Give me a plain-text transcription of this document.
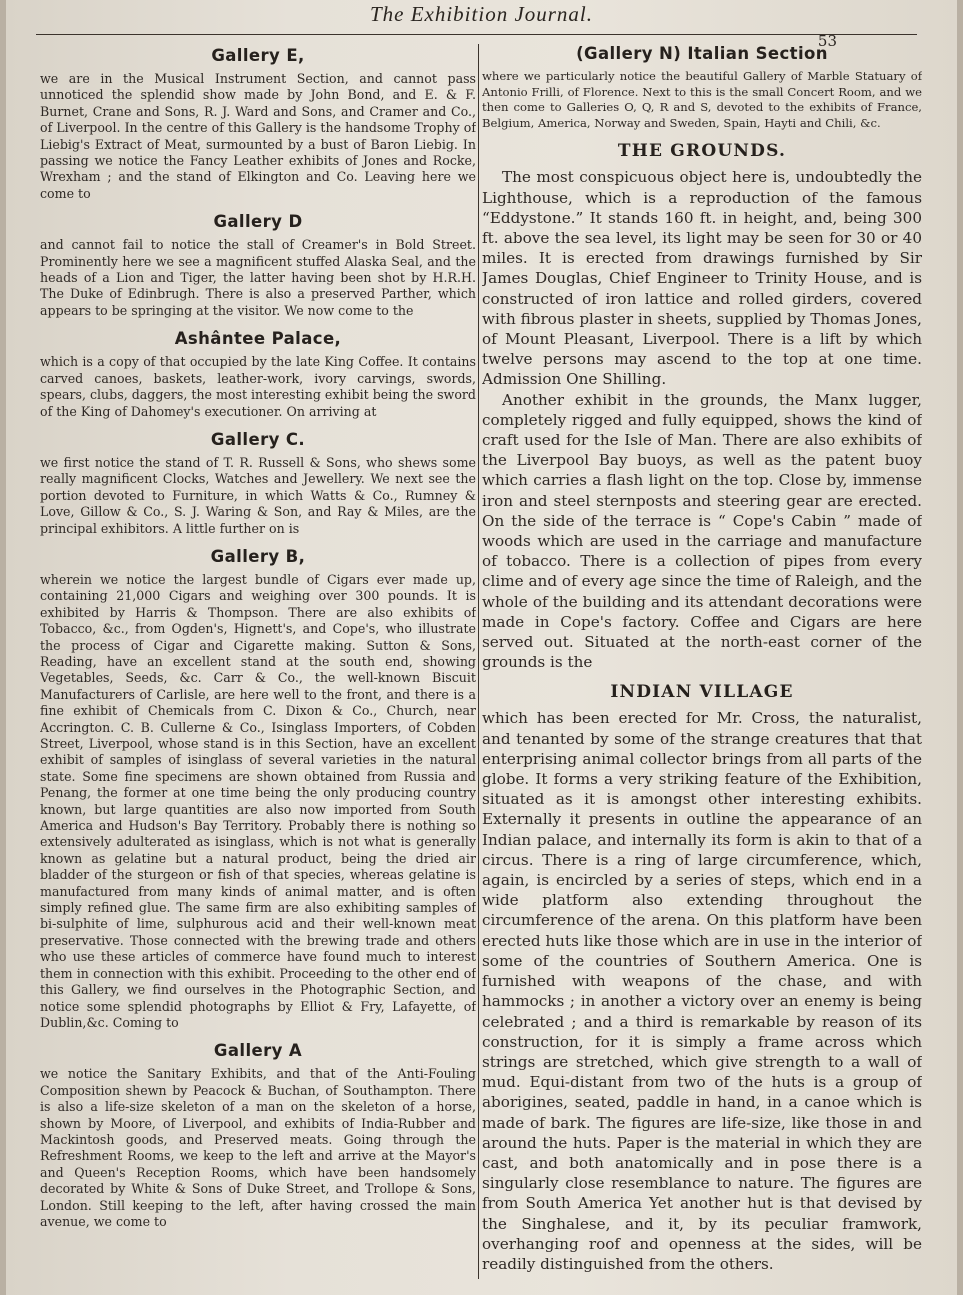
The Exhibition Journal.
53
Gallery E,

we are in the Musical Instrument Section, and cannot pass unnoticed the splendid show made by John Bond, and E. & F. Burnet, Crane and Sons, R. J. Ward and Sons, and Cramer and Co., of Liverpool. In the centre of this Gallery is the handsome Trophy of Liebig's Extract of Meat, surmounted by a bust of Baron Liebig. In passing we notice the Fancy Leather exhibits of Jones and Rocke, Wrexham ; and the stand of Elkington and Co. Leaving here we come to

Gallery D

and cannot fail to notice the stall of Creamer's in Bold Street. Prominently here we see a magnificent stuffed Alaska Seal, and the heads of a Lion and Tiger, the latter having been shot by H.R.H. The Duke of Edinbrugh. There is also a preserved Parther, which appears to be springing at the visitor. We now come to the

Ashântee Palace,

which is a copy of that occupied by the late King Coffee. It contains carved canoes, baskets, leather-work, ivory carvings, swords, spears, clubs, daggers, the most interesting exhibit being the sword of the King of Dahomey's executioner. On arriving at

Gallery C.

we first notice the stand of T. R. Russell & Sons, who shews some really magnificent Clocks, Watches and Jewellery. We next see the portion devoted to Furniture, in which Watts & Co., Rumney & Love, Gillow & Co., S. J. Waring & Son, and Ray & Miles, are the principal exhibitors. A little further on is

Gallery B,

wherein we notice the largest bundle of Cigars ever made up, containing 21,000 Cigars and weighing over 300 pounds. It is exhibited by Harris & Thompson. There are also exhibits of Tobacco, &c., from Ogden's, Hignett's, and Cope's, who illustrate the process of Cigar and Cigarette making. Sutton & Sons, Reading, have an excellent stand at the south end, showing Vegetables, Seeds, &c. Carr & Co., the well-known Biscuit Manufacturers of Carlisle, are here well to the front, and there is a fine exhibit of Chemicals from C. Dixon & Co., Church, near Accrington. C. B. Cullerne & Co., Isinglass Importers, of Cobden Street, Liverpool, whose stand is in this Section, have an excellent exhibit of samples of isinglass of several varieties in the natural state. Some fine specimens are shown obtained from Russia and Penang, the former at one time being the only producing country known, but large quantities are also now imported from South America and Hudson's Bay Territory. Probably there is nothing so extensively adulterated as isinglass, which is not what is generally known as gelatine but a natural product, being the dried air bladder of the sturgeon or fish of that species, whereas gelatine is manufactured from many kinds of animal matter, and is often simply refined glue. The same firm are also exhibiting samples of bi-sulphite of lime, sulphurous acid and their well-known meat preservative. Those connected with the brewing trade and others who use these articles of commerce have found much to interest them in connection with this exhibit. Proceeding to the other end of this Gallery, we find ourselves in the Photographic Section, and notice some splendid photographs by Elliot & Fry, Lafayette, of Dublin,&c. Coming to

Gallery A

we notice the Sanitary Exhibits, and that of the Anti-Fouling Composition shewn by Peacock & Buchan, of Southampton. There is also a life-size skeleton of a man on the skeleton of a horse, shown by Moore, of Liverpool, and exhibits of India-Rubber and Mackintosh goods, and Preserved meats. Going through the Refreshment Rooms, we keep to the left and arrive at the Mayor's and Queen's Reception Rooms, which have been handsomely decorated by White & Sons of Duke Street, and Trollope & Sons, London. Still keeping to the left, after having crossed the main avenue, we come to

(Gallery N) Italian Section

where we particularly notice the beautiful Gallery of Marble Statuary of Antonio Frilli, of Florence. Next to this is the small Concert Room, and we then come to Galleries O, Q, R and S, devoted to the exhibits of France, Belgium, America, Norway and Sweden, Spain, Hayti and Chili, &c.

THE GROUNDS.

The most conspicuous object here is, undoubtedly the Lighthouse, which is a reproduction of the famous “Eddystone.” It stands 160 ft. in height, and, being 300 ft. above the sea level, its light may be seen for 30 or 40 miles. It is erected from drawings furnished by Sir James Douglas, Chief Engineer to Trinity House, and is constructed of iron lattice and rolled girders, covered with fibrous plaster in sheets, supplied by Thomas Jones, of Mount Pleasant, Liverpool. There is a lift by which twelve persons may ascend to the top at one time. Admission One Shilling.

Another exhibit in the grounds, the Manx lugger, completely rigged and fully equipped, shows the kind of craft used for the Isle of Man. There are also exhibits of the Liverpool Bay buoys, as well as the patent buoy which carries a flash light on the top. Close by, immense iron and steel sternposts and steering gear are erected. On the side of the terrace is “ Cope's Cabin ” made of woods which are used in the carriage and manufacture of tobacco. There is a collection of pipes from every clime and of every age since the time of Raleigh, and the whole of the building and its attendant decorations were made in Cope's factory. Coffee and Cigars are here served out. Situated at the north-east corner of the grounds is the

INDIAN VILLAGE

which has been erected for Mr. Cross, the naturalist, and tenanted by some of the strange creatures that that enterprising animal collector brings from all parts of the globe. It forms a very striking feature of the Exhibition, situated as it is amongst other interesting exhibits. Externally it presents in outline the appearance of an Indian palace, and internally its form is akin to that of a circus. There is a ring of large circumference, which, again, is encircled by a series of steps, which end in a wide platform also extending throughout the circumference of the arena. On this platform have been erected huts like those which are in use in the interior of some of the countries of Southern America. One is furnished with weapons of the chase, and with hammocks ; in another a victory over an enemy is being celebrated ; and a third is remarkable by reason of its construction, for it is simply a frame across which strings are stretched, which give strength to a wall of mud. Equi-distant from two of the huts is a group of aborigines, seated, paddle in hand, in a canoe which is made of bark. The figures are life-size, like those in and around the huts. Paper is the material in which they are cast, and both anatomically and in pose there is a singularly close resemblance to nature. The figures are from South America Yet another hut is that devised by the Singhalese, and it, by its peculiar framwork, overhanging roof and openness at the sides, will be readily distinguished from the others.
